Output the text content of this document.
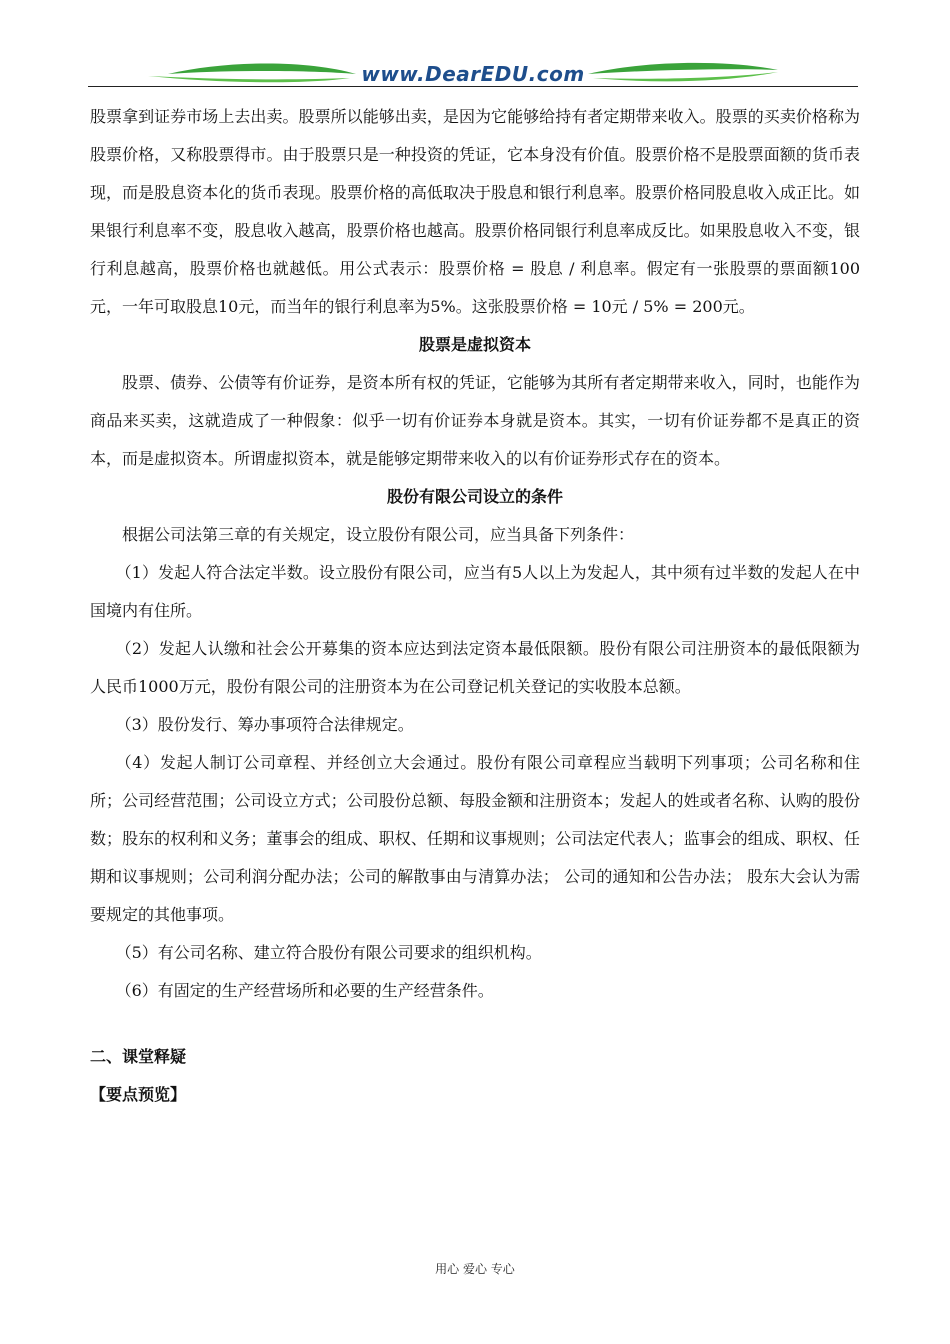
www.DearEDU.com

股票拿到证券市场上去出卖。股票所以能够出卖，是因为它能够给持有者定期带来收入。股票的买卖价格称为股票价格，又称股票得市。由于股票只是一种投资的凭证，它本身没有价值。股票价格不是股票面额的货币表现，而是股息资本化的货币表现。股票价格的高低取决于股息和银行利息率。股票价格同股息收入成正比。如果银行利息率不变，股息收入越高，股票价格也越高。股票价格同银行利息率成反比。如果股息收入不变，银行利息越高，股票价格也就越低。用公式表示：股票价格 = 股息 / 利息率。假定有一张股票的票面额100元，一年可取股息10元，而当年的银行利息率为5%。这张股票价格 = 10元 / 5% = 200元。

股票是虚拟资本

股票、债券、公债等有价证券，是资本所有权的凭证，它能够为其所有者定期带来收入，同时，也能作为商品来买卖，这就造成了一种假象：似乎一切有价证券本身就是资本。其实，一切有价证券都不是真正的资本，而是虚拟资本。所谓虚拟资本，就是能够定期带来收入的以有价证券形式存在的资本。

股份有限公司设立的条件

根据公司法第三章的有关规定，设立股份有限公司，应当具备下列条件：

（1）发起人符合法定半数。设立股份有限公司，应当有5人以上为发起人，其中须有过半数的发起人在中国境内有住所。

（2）发起人认缴和社会公开募集的资本应达到法定资本最低限额。股份有限公司注册资本的最低限额为人民币1000万元，股份有限公司的注册资本为在公司登记机关登记的实收股本总额。

（3）股份发行、筹办事项符合法律规定。

（4）发起人制订公司章程、并经创立大会通过。股份有限公司章程应当载明下列事项；公司名称和住所；公司经营范围；公司设立方式；公司股份总额、每股金额和注册资本；发起人的姓或者名称、认购的股份数；股东的权利和义务；董事会的组成、职权、任期和议事规则；公司法定代表人；监事会的组成、职权、任期和议事规则；公司利润分配办法；公司的解散事由与清算办法； 公司的通知和公告办法； 股东大会认为需要规定的其他事项。

（5）有公司名称、建立符合股份有限公司要求的组织机构。

（6）有固定的生产经营场所和必要的生产经营条件。

二、课堂释疑
【要点预览】
用心 爱心 专心
